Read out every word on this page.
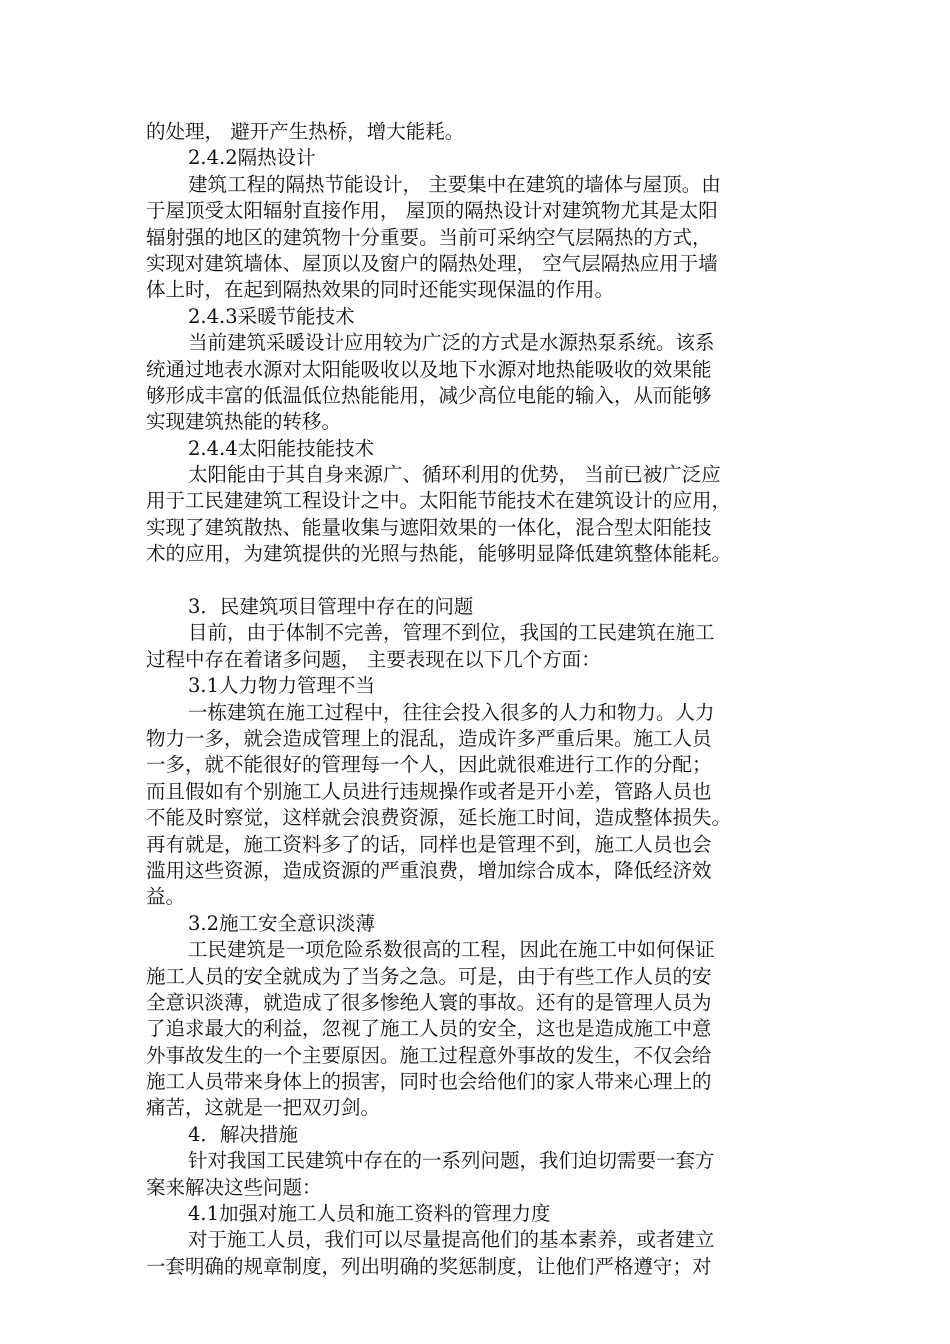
的处理， 避开产生热桥，增大能耗。
2.4.2隔热设计
建筑工程的隔热节能设计， 主要集中在建筑的墙体与屋顶。由
于屋顶受太阳辐射直接作用， 屋顶的隔热设计对建筑物尤其是太阳
辐射强的地区的建筑物十分重要。当前可采纳空气层隔热的方式，
实现对建筑墙体、屋顶以及窗户的隔热处理， 空气层隔热应用于墙
体上时，在起到隔热效果的同时还能实现保温的作用。
2.4.3采暖节能技术
当前建筑采暖设计应用较为广泛的方式是水源热泵系统。该系
统通过地表水源对太阳能吸收以及地下水源对地热能吸收的效果能
够形成丰富的低温低位热能能用，减少高位电能的输入，从而能够
实现建筑热能的转移。
2.4.4太阳能技能技术
太阳能由于其自身来源广、循环利用的优势， 当前已被广泛应
用于工民建建筑工程设计之中。太阳能节能技术在建筑设计的应用，
实现了建筑散热、能量收集与遮阳效果的一体化，混合型太阳能技
术的应用，为建筑提供的光照与热能，能够明显降低建筑整体能耗。
3．民建筑项目管理中存在的问题
目前，由于体制不完善，管理不到位，我国的工民建筑在施工
过程中存在着诸多问题， 主要表现在以下几个方面：
3.1人力物力管理不当
一栋建筑在施工过程中，往往会投入很多的人力和物力。人力
物力一多，就会造成管理上的混乱，造成许多严重后果。施工人员
一多，就不能很好的管理每一个人，因此就很难进行工作的分配；
而且假如有个别施工人员进行违规操作或者是开小差，管路人员也
不能及时察觉，这样就会浪费资源，延长施工时间，造成整体损失。
再有就是，施工资料多了的话，同样也是管理不到，施工人员也会
滥用这些资源，造成资源的严重浪费，增加综合成本，降低经济效
益。
3.2施工安全意识淡薄
工民建筑是一项危险系数很高的工程，因此在施工中如何保证
施工人员的安全就成为了当务之急。可是，由于有些工作人员的安
全意识淡薄，就造成了很多惨绝人寰的事故。还有的是管理人员为
了追求最大的利益，忽视了施工人员的安全，这也是造成施工中意
外事故发生的一个主要原因。施工过程意外事故的发生，不仅会给
施工人员带来身体上的损害，同时也会给他们的家人带来心理上的
痛苦，这就是一把双刃剑。
4．解决措施
针对我国工民建筑中存在的一系列问题，我们迫切需要一套方
案来解决这些问题：
4.1加强对施工人员和施工资料的管理力度
对于施工人员，我们可以尽量提高他们的基本素养，或者建立
一套明确的规章制度，列出明确的奖惩制度，让他们严格遵守；对
